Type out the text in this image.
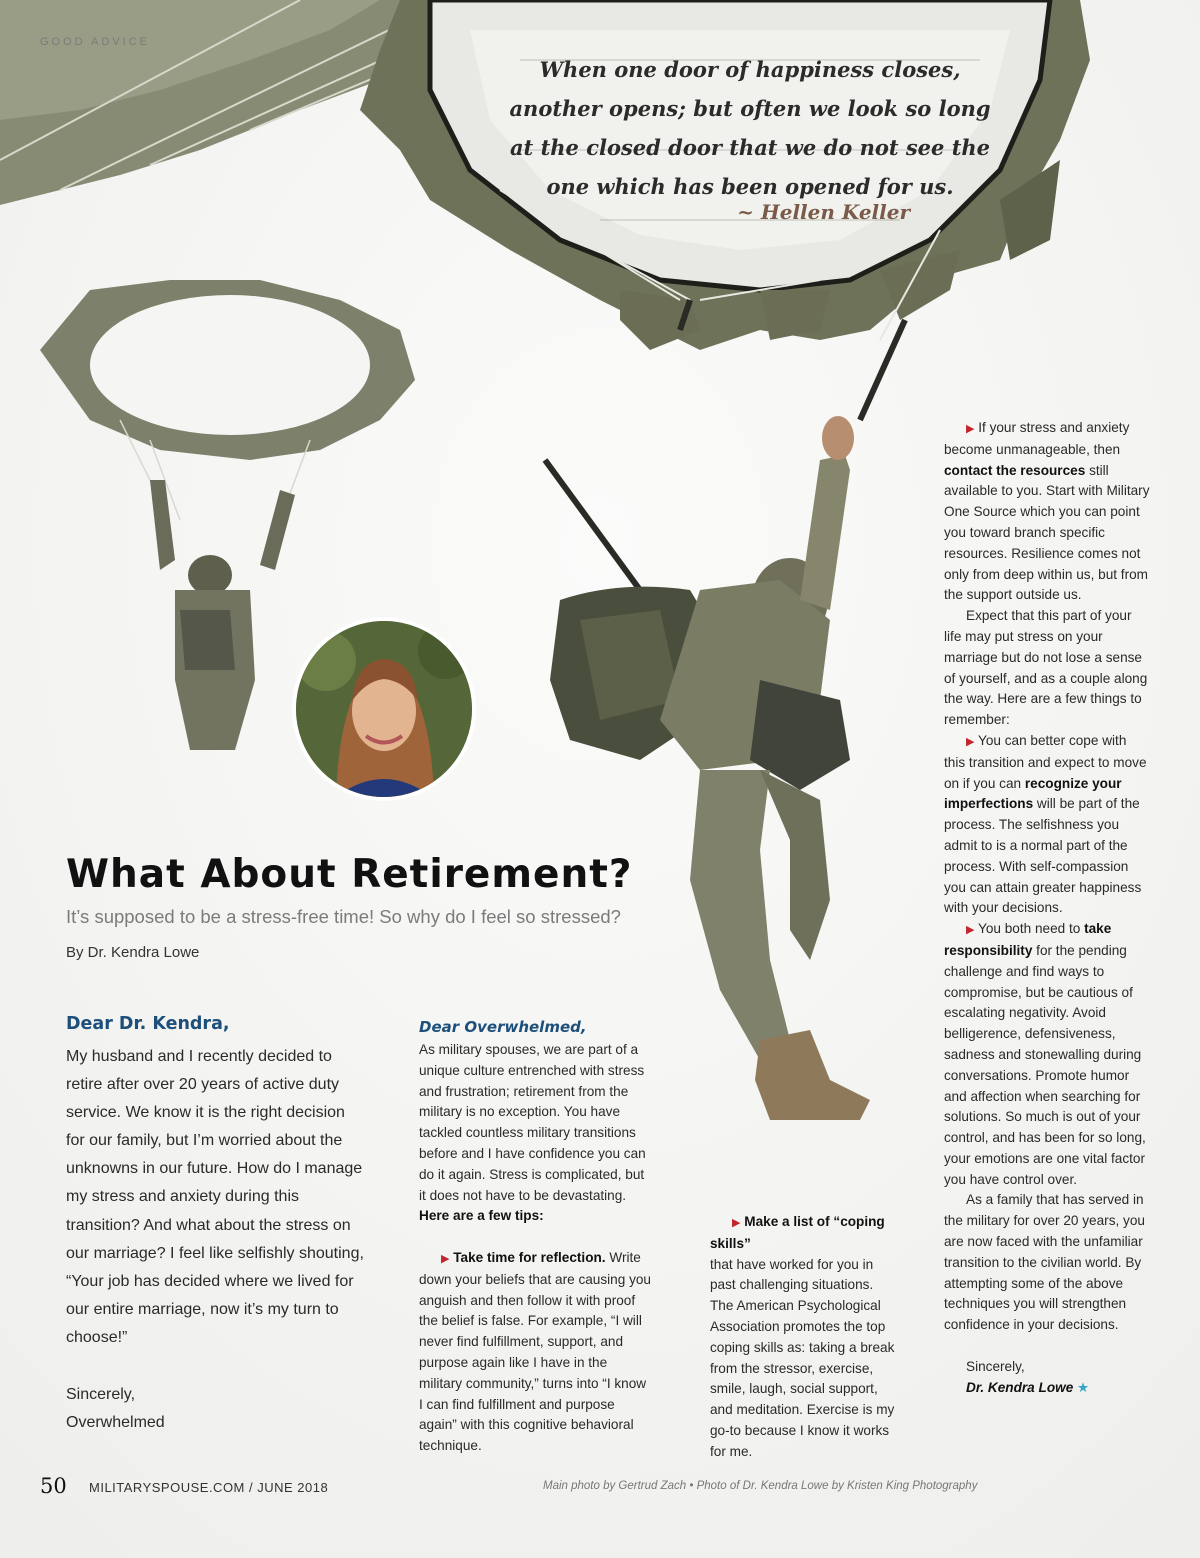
GOOD ADVICE
When one door of happiness closes,
another opens; but often we look so long
at the closed door that we do not see the
one which has been opened for us.
~ Hellen Keller
What About Retirement?
It’s supposed to be a stress-free time! So why do I feel so stressed?
By Dr. Kendra Lowe
Dear Dr. Kendra,

My husband and I recently decided to retire after over 20 years of active duty service. We know it is the right decision for our family, but I’m worried about the unknowns in our future. How do I manage my stress and anxiety during this transition? And what about the stress on our marriage? I feel like selfishly shouting, “Your job has decided where we lived for our entire marriage, now it’s my turn to choose!”

Sincerely,
Overwhelmed
Dear Overwhelmed,

As military spouses, we are part of a unique culture entrenched with stress and frustration; retirement from the military is no exception. You have tackled countless military transitions before and I have confidence you can do it again. Stress is complicated, but it does not have to be devastating. Here are a few tips:

▶ Take time for reflection. Write down your beliefs that are causing you anguish and then follow it with proof the belief is false. For example, “I will never find fulfillment, support, and purpose again like I have in the military community,” turns into “I know I can find fulfillment and purpose again” with this cognitive behavioral technique.

▶ Make a list of “coping skills”

that have worked for you in past challenging situations. The American Psychological Association promotes the top coping skills as: taking a break from the stressor, exercise, smile, laugh, social support, and meditation. Exercise is my go-to because I know it works for me.

▶ If your stress and anxiety become unmanageable, then contact the resources still available to you. Start with Military One Source which you can point you toward branch specific resources. Resilience comes not only from deep within us, but from the support outside us.

Expect that this part of your life may put stress on your marriage but do not lose a sense of yourself, and as a couple along the way. Here are a few things to remember:

▶ You can better cope with this transition and expect to move on if you can recognize your imperfections will be part of the process. The selfishness you admit to is a normal part of the process. With self-compassion you can attain greater happiness with your decisions.

▶ You both need to take responsibility for the pending challenge and find ways to compromise, but be cautious of escalating negativity. Avoid belligerence, defensiveness, sadness and stonewalling during conversations. Promote humor and affection when searching for solutions. So much is out of your control, and has been for so long, your emotions are one vital factor you have control over.

As a family that has served in the military for over 20 years, you are now faced with the unfamiliar transition to the civilian world. By attempting some of the above techniques you will strengthen confidence in your decisions.

Sincerely,

Dr. Kendra Lowe ★

50 MILITARYSPOUSE.COM / JUNE 2018	Main photo by Gertrud Zach • Photo of Dr. Kendra Lowe by Kristen King Photography
